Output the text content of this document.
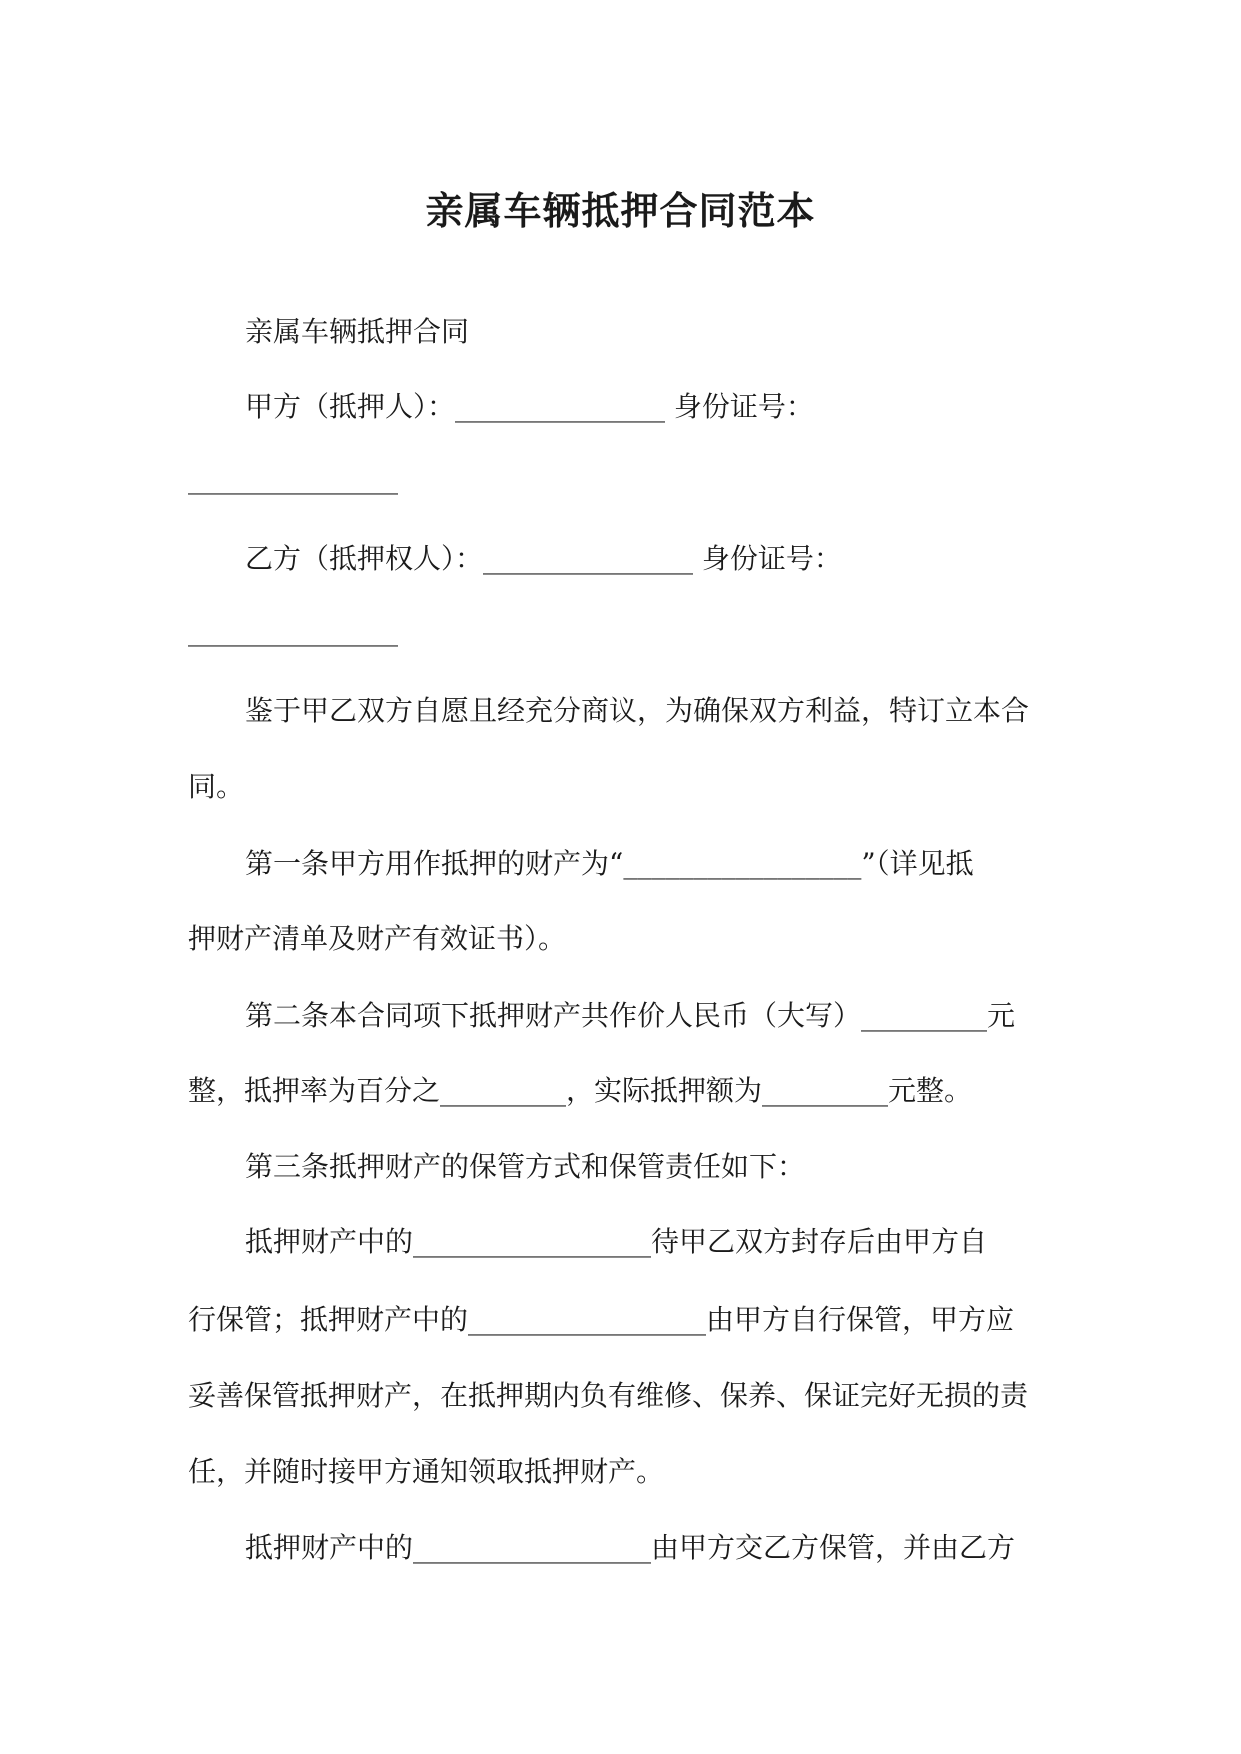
亲属车辆抵押合同范本
亲属车辆抵押合同
甲方（抵押人）：_______________ 身份证号：
_______________
乙方（抵押权人）：_______________ 身份证号：
_______________
鉴于甲乙双方自愿且经充分商议，为确保双方利益，特订立本合
同。
第一条甲方用作抵押的财产为“_________________”（详见抵
押财产清单及财产有效证书）。
第二条本合同项下抵押财产共作价人民币（大写）_________元
整，抵押率为百分之_________，实际抵押额为_________元整。
第三条抵押财产的保管方式和保管责任如下：
抵押财产中的_________________待甲乙双方封存后由甲方自
行保管；抵押财产中的_________________由甲方自行保管，甲方应
妥善保管抵押财产，在抵押期内负有维修、保养、保证完好无损的责
任，并随时接甲方通知领取抵押财产。
抵押财产中的_________________由甲方交乙方保管，并由乙方
